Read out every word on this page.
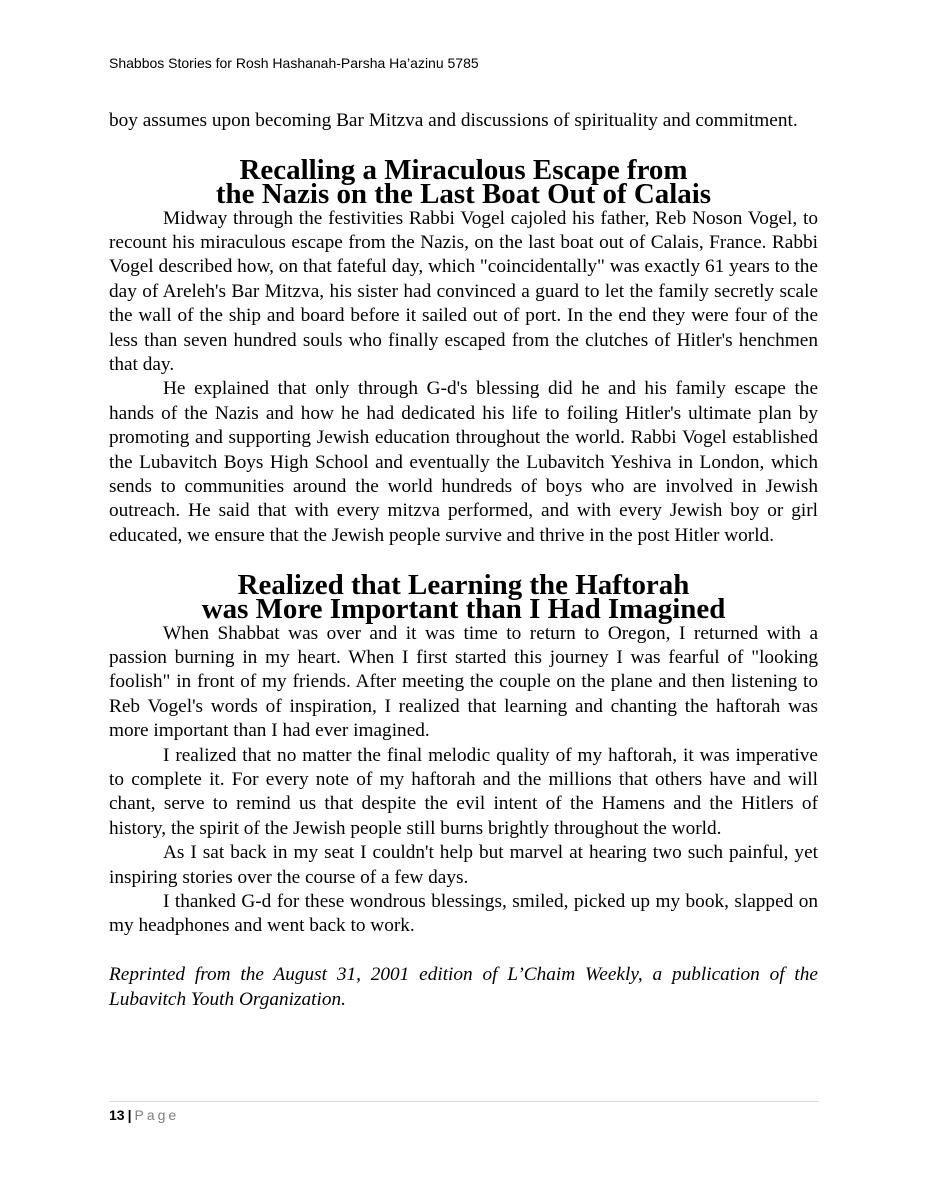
Shabbos Stories for Rosh Hashanah-Parsha Ha’azinu 5785

boy assumes upon becoming Bar Mitzva and discussions of spirituality and commitment.

Recalling a Miraculous Escape from
the Nazis on the Last Boat Out of Calais

Midway through the festivities Rabbi Vogel cajoled his father, Reb Noson Vogel, to recount his miraculous escape from the Nazis, on the last boat out of Calais, France. Rabbi Vogel described how, on that fateful day, which "coincidentally" was exactly 61 years to the day of Areleh's Bar Mitzva, his sister had convinced a guard to let the family secretly scale the wall of the ship and board before it sailed out of port. In the end they were four of the less than seven hundred souls who finally escaped from the clutches of Hitler's henchmen that day.

He explained that only through G-d's blessing did he and his family escape the hands of the Nazis and how he had dedicated his life to foiling Hitler's ultimate plan by promoting and supporting Jewish education throughout the world. Rabbi Vogel established the Lubavitch Boys High School and eventually the Lubavitch Yeshiva in London, which sends to communities around the world hundreds of boys who are involved in Jewish outreach. He said that with every mitzva performed, and with every Jewish boy or girl educated, we ensure that the Jewish people survive and thrive in the post Hitler world.

Realized that Learning the Haftorah
was More Important than I Had Imagined

When Shabbat was over and it was time to return to Oregon, I returned with a passion burning in my heart. When I first started this journey I was fearful of "looking foolish" in front of my friends. After meeting the couple on the plane and then listening to Reb Vogel's words of inspiration, I realized that learning and chanting the haftorah was more important than I had ever imagined.

I realized that no matter the final melodic quality of my haftorah, it was imperative to complete it. For every note of my haftorah and the millions that others have and will chant, serve to remind us that despite the evil intent of the Hamens and the Hitlers of history, the spirit of the Jewish people still burns brightly throughout the world.

As I sat back in my seat I couldn't help but marvel at hearing two such painful, yet inspiring stories over the course of a few days.

I thanked G-d for these wondrous blessings, smiled, picked up my book, slapped on my headphones and went back to work.

Reprinted from the August 31, 2001 edition of L’Chaim Weekly, a publication of the Lubavitch Youth Organization.

13 | Page
